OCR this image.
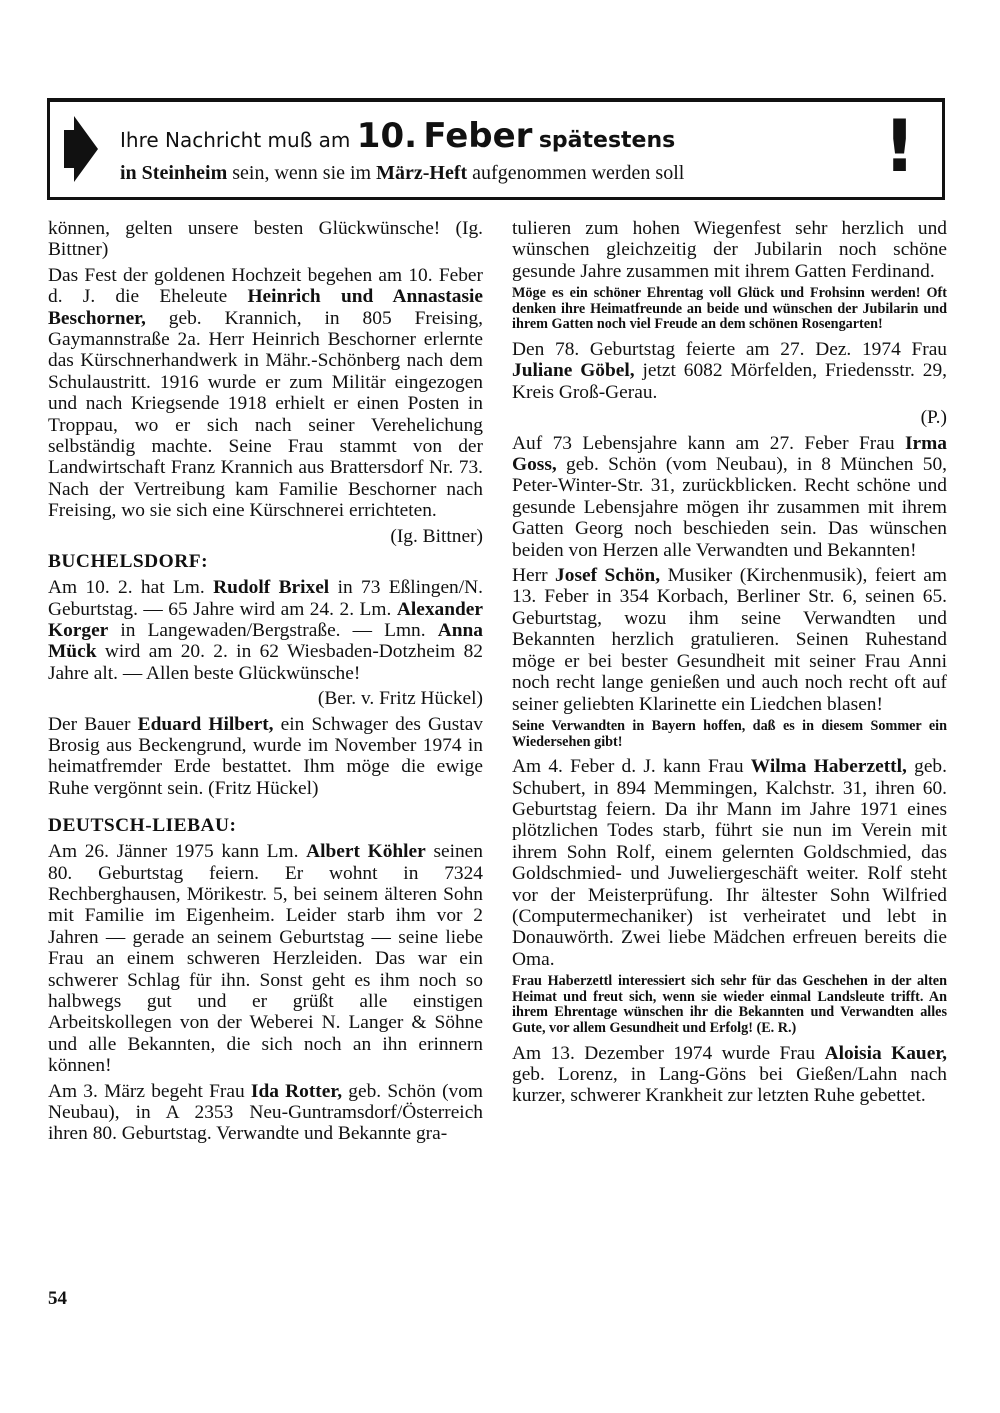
Ihre Nachricht muß am 10. Feber spätestens
in Steinheim sein, wenn sie im März-Heft aufgenommen werden soll	!

können, gelten unsere besten Glückwünsche! (Ig. Bittner)

Das Fest der goldenen Hochzeit begehen am 10. Feber d. J. die Eheleute Heinrich und Annastasie Beschorner, geb. Krannich, in 805 Freising, Gaymannstraße 2a. Herr Heinrich Beschorner erlernte das Kürschnerhandwerk in Mähr.-Schönberg nach dem Schulaustritt. 1916 wurde er zum Militär eingezogen und nach Kriegsende 1918 erhielt er einen Posten in Troppau, wo er sich nach seiner Verehelichung selbständig machte. Seine Frau stammt von der Landwirtschaft Franz Krannich aus Brattersdorf Nr. 73. Nach der Vertreibung kam Familie Beschorner nach Freising, wo sie sich eine Kürschnerei errichteten.

(Ig. Bittner)

BUCHELSDORF:

Am 10. 2. hat Lm. Rudolf Brixel in 73 Eßlingen/N. Geburtstag. — 65 Jahre wird am 24. 2. Lm. Alexander Korger in Langewaden/Bergstraße. — Lmn. Anna Mück wird am 20. 2. in 62 Wiesbaden-Dotzheim 82 Jahre alt. — Allen beste Glückwünsche!

(Ber. v. Fritz Hückel)

Der Bauer Eduard Hilbert, ein Schwager des Gustav Brosig aus Beckengrund, wurde im November 1974 in heimatfremder Erde bestattet. Ihm möge die ewige Ruhe vergönnt sein. (Fritz Hückel)

DEUTSCH-LIEBAU:

Am 26. Jänner 1975 kann Lm. Albert Köhler seinen 80. Geburtstag feiern. Er wohnt in 7324 Rechberghausen, Mörikestr. 5, bei seinem älteren Sohn mit Familie im Eigenheim. Leider starb ihm vor 2 Jahren — gerade an seinem Geburtstag — seine liebe Frau an einem schweren Herzleiden. Das war ein schwerer Schlag für ihn. Sonst geht es ihm noch so halbwegs gut und er grüßt alle einstigen Arbeitskollegen von der Weberei N. Langer & Söhne und alle Bekannten, die sich noch an ihn erinnern können!

Am 3. März begeht Frau Ida Rotter, geb. Schön (vom Neubau), in A 2353 Neu-Guntramsdorf/Österreich ihren 80. Geburtstag. Verwandte und Bekannte gra-

tulieren zum hohen Wiegenfest sehr herzlich und wünschen gleichzeitig der Jubilarin noch schöne gesunde Jahre zusammen mit ihrem Gatten Ferdinand.

Möge es ein schöner Ehrentag voll Glück und Frohsinn werden! Oft denken ihre Heimatfreunde an beide und wünschen der Jubilarin und ihrem Gatten noch viel Freude an dem schönen Rosengarten!

Den 78. Geburtstag feierte am 27. Dez. 1974 Frau Juliane Göbel, jetzt 6082 Mörfelden, Friedensstr. 29, Kreis Groß-Gerau.

(P.)

Auf 73 Lebensjahre kann am 27. Feber Frau Irma Goss, geb. Schön (vom Neubau), in 8 München 50, Peter-Winter-Str. 31, zurückblicken. Recht schöne und gesunde Lebensjahre mögen ihr zusammen mit ihrem Gatten Georg noch beschieden sein. Das wünschen beiden von Herzen alle Verwandten und Bekannten!

Herr Josef Schön, Musiker (Kirchenmusik), feiert am 13. Feber in 354 Korbach, Berliner Str. 6, seinen 65. Geburtstag, wozu ihm seine Verwandten und Bekannten herzlich gratulieren. Seinen Ruhestand möge er bei bester Gesundheit mit seiner Frau Anni noch recht lange genießen und auch noch recht oft auf seiner geliebten Klarinette ein Liedchen blasen!

Seine Verwandten in Bayern hoffen, daß es in diesem Sommer ein Wiedersehen gibt!

Am 4. Feber d. J. kann Frau Wilma Haberzettl, geb. Schubert, in 894 Memmingen, Kalchstr. 31, ihren 60. Geburtstag feiern. Da ihr Mann im Jahre 1971 eines plötzlichen Todes starb, führt sie nun im Verein mit ihrem Sohn Rolf, einem gelernten Goldschmied, das Goldschmied- und Juweliergeschäft weiter. Rolf steht vor der Meisterprüfung. Ihr ältester Sohn Wilfried (Computermechaniker) ist verheiratet und lebt in Donauwörth. Zwei liebe Mädchen erfreuen bereits die Oma.

Frau Haberzettl interessiert sich sehr für das Geschehen in der alten Heimat und freut sich, wenn sie wieder einmal Landsleute trifft. An ihrem Ehrentage wünschen ihr die Bekannten und Verwandten alles Gute, vor allem Gesundheit und Erfolg! (E. R.)

Am 13. Dezember 1974 wurde Frau Aloisia Kauer, geb. Lorenz, in Lang-Göns bei Gießen/Lahn nach kurzer, schwerer Krankheit zur letzten Ruhe gebettet.

54
